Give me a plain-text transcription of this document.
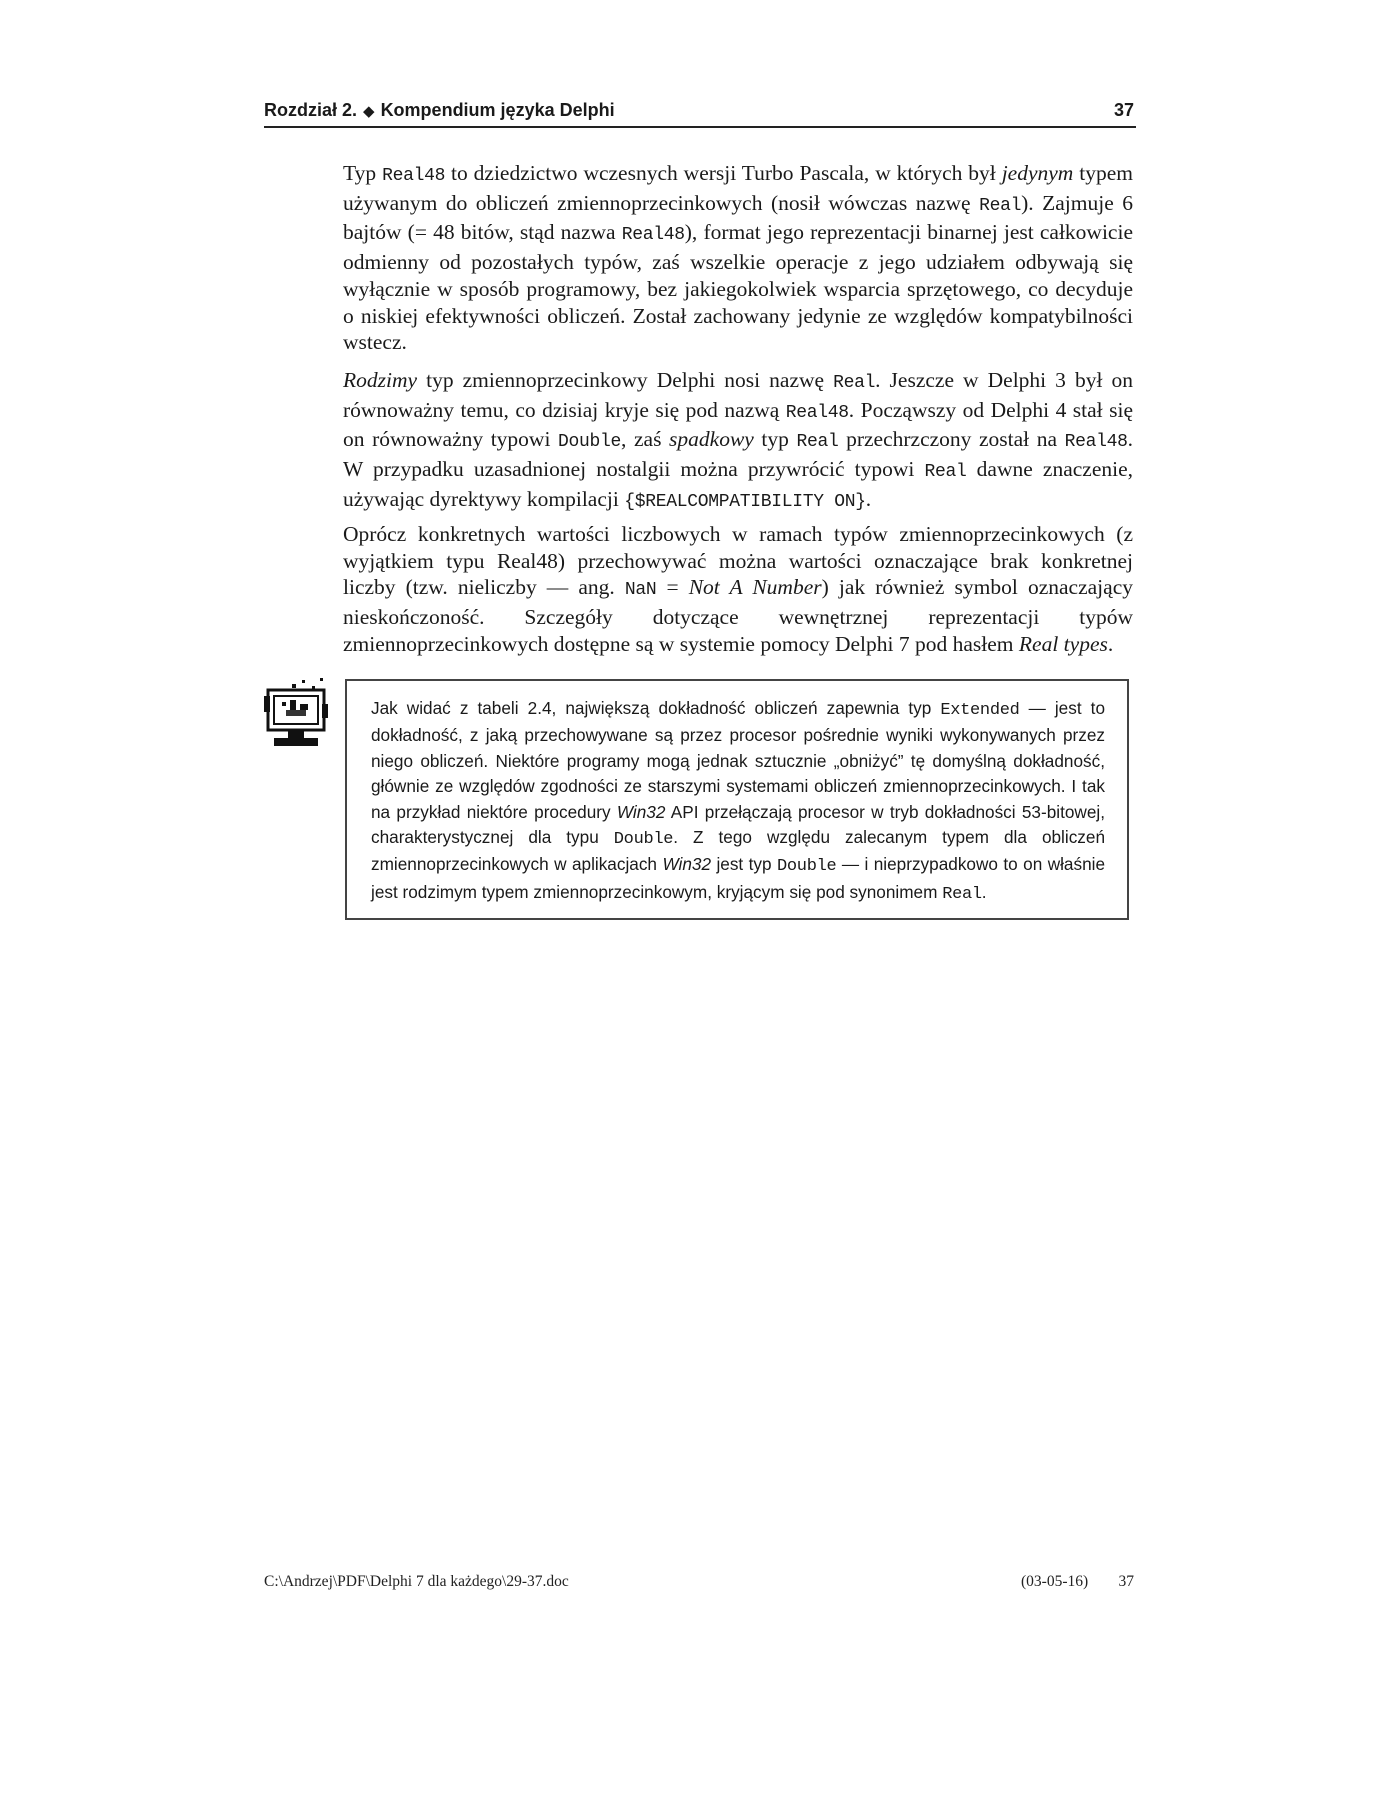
Rozdział 2. ◆ Kompendium języka Delphi	37

Typ Real48 to dziedzictwo wczesnych wersji Turbo Pascala, w których był jedynym typem używanym do obliczeń zmiennoprzecinkowych (nosił wówczas nazwę Real). Zajmuje 6 bajtów (= 48 bitów, stąd nazwa Real48), format jego reprezentacji binarnej jest całkowicie odmienny od pozostałych typów, zaś wszelkie operacje z jego udziałem odbywają się wyłącznie w sposób programowy, bez jakiegokolwiek wsparcia sprzętowego, co decyduje o niskiej efektywności obliczeń. Został zachowany jedynie ze względów kompatybilności wstecz.

Rodzimy typ zmiennoprzecinkowy Delphi nosi nazwę Real. Jeszcze w Delphi 3 był on równoważny temu, co dzisiaj kryje się pod nazwą Real48. Począwszy od Delphi 4 stał się on równoważny typowi Double, zaś spadkowy typ Real przechrzczony został na Real48. W przypadku uzasadnionej nostalgii można przywrócić typowi Real dawne znaczenie, używając dyrektywy kompilacji {$REALCOMPATIBILITY ON}.

Oprócz konkretnych wartości liczbowych w ramach typów zmiennoprzecinkowych (z wyjątkiem typu Real48) przechowywać można wartości oznaczające brak konkretnej liczby (tzw. nieliczby — ang. NaN = Not A Number) jak również symbol oznaczający nieskończoność. Szczegóły dotyczące wewnętrznej reprezentacji typów zmiennoprzecinkowych dostępne są w systemie pomocy Delphi 7 pod hasłem Real types.

Jak widać z tabeli 2.4, największą dokładność obliczeń zapewnia typ Extended — jest to dokładność, z jaką przechowywane są przez procesor pośrednie wyniki wykonywanych przez niego obliczeń. Niektóre programy mogą jednak sztucznie „obniżyć” tę domyślną dokładność, głównie ze względów zgodności ze starszymi systemami obliczeń zmiennoprzecinkowych. I tak na przykład niektóre procedury Win32 API przełączają procesor w tryb dokładności 53-bitowej, charakterystycznej dla typu Double. Z tego względu zalecanym typem dla obliczeń zmiennoprzecinkowych w aplikacjach Win32 jest typ Double — i nieprzypadkowo to on właśnie jest rodzimym typem zmiennoprzecinkowym, kryjącym się pod synonimem Real.
C:\Andrzej\PDF\Delphi 7 dla każdego\29-37.doc	(03-05-16) 37
